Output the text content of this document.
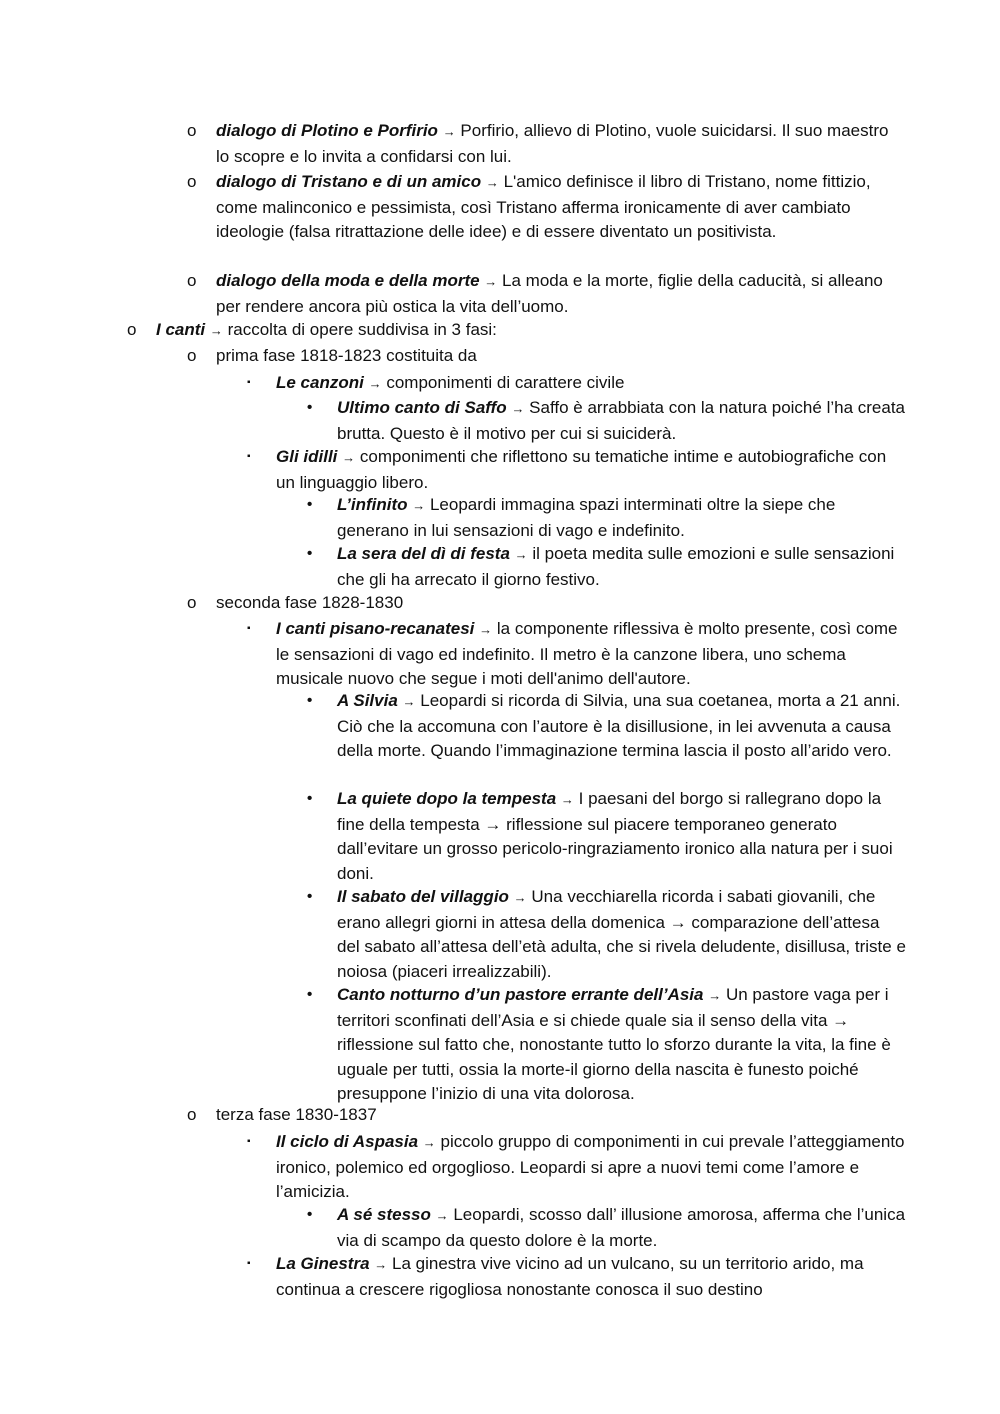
o dialogo di Plotino e Porfirio → Porfirio, allievo di Plotino, vuole suicidarsi. Il suo maestro lo scopre e lo invita a confidarsi con lui.
o dialogo di Tristano e di un amico → L'amico definisce il libro di Tristano, nome fittizio, come malinconico e pessimista, così Tristano afferma ironicamente di aver cambiato ideologie (falsa ritrattazione delle idee) e di essere diventato un positivista.
o dialogo della moda e della morte → La moda e la morte, figlie della caducità, si alleano per rendere ancora più ostica la vita dell’uomo.
o I canti → raccolta di opere suddivisa in 3 fasi:
o prima fase 1818-1823 costituita da
▪ Le canzoni → componimenti di carattere civile
• Ultimo canto di Saffo → Saffo è arrabbiata con la natura poiché l’ha creata brutta. Questo è il motivo per cui si suiciderà.
▪ Gli idilli → componimenti che riflettono su tematiche intime e autobiografiche con un linguaggio libero.
• L’infinito → Leopardi immagina spazi interminati oltre la siepe che generano in lui sensazioni di vago e indefinito.
• La sera del dì di festa → il poeta medita sulle emozioni e sulle sensazioni che gli ha arrecato il giorno festivo.
o seconda fase 1828-1830
▪ I canti pisano-recanatesi → la componente riflessiva è molto presente, così come le sensazioni di vago ed indefinito. Il metro è la canzone libera, uno schema musicale nuovo che segue i moti dell'animo dell'autore.
• A Silvia → Leopardi si ricorda di Silvia, una sua coetanea, morta a 21 anni. Ciò che la accomuna con l’autore è la disillusione, in lei avvenuta a causa della morte. Quando l’immaginazione termina lascia il posto all’arido vero.
• La quiete dopo la tempesta → I paesani del borgo si rallegrano dopo la fine della tempesta → riflessione sul piacere temporaneo generato dall’evitare un grosso pericolo-ringraziamento ironico alla natura per i suoi doni.
• Il sabato del villaggio → Una vecchiarella ricorda i sabati giovanili, che erano allegri giorni in attesa della domenica → comparazione dell’attesa del sabato all’attesa dell’età adulta, che si rivela deludente, disillusa, triste e noiosa (piaceri irrealizzabili).
• Canto notturno d’un pastore errante dell’Asia → Un pastore vaga per i territori sconfinati dell’Asia e si chiede quale sia il senso della vita → riflessione sul fatto che, nonostante tutto lo sforzo durante la vita, la fine è uguale per tutti, ossia la morte-il giorno della nascita è funesto poiché presuppone l’inizio di una vita dolorosa.
o terza fase 1830-1837
▪ Il ciclo di Aspasia → piccolo gruppo di componimenti in cui prevale l’atteggiamento ironico, polemico ed orgoglioso. Leopardi si apre a nuovi temi come l’amore e l’amicizia.
• A sé stesso → Leopardi, scosso dall’ illusione amorosa, afferma che l’unica via di scampo da questo dolore è la morte.
▪ La Ginestra → La ginestra vive vicino ad un vulcano, su un territorio arido, ma continua a crescere rigogliosa nonostante conosca il suo destino
